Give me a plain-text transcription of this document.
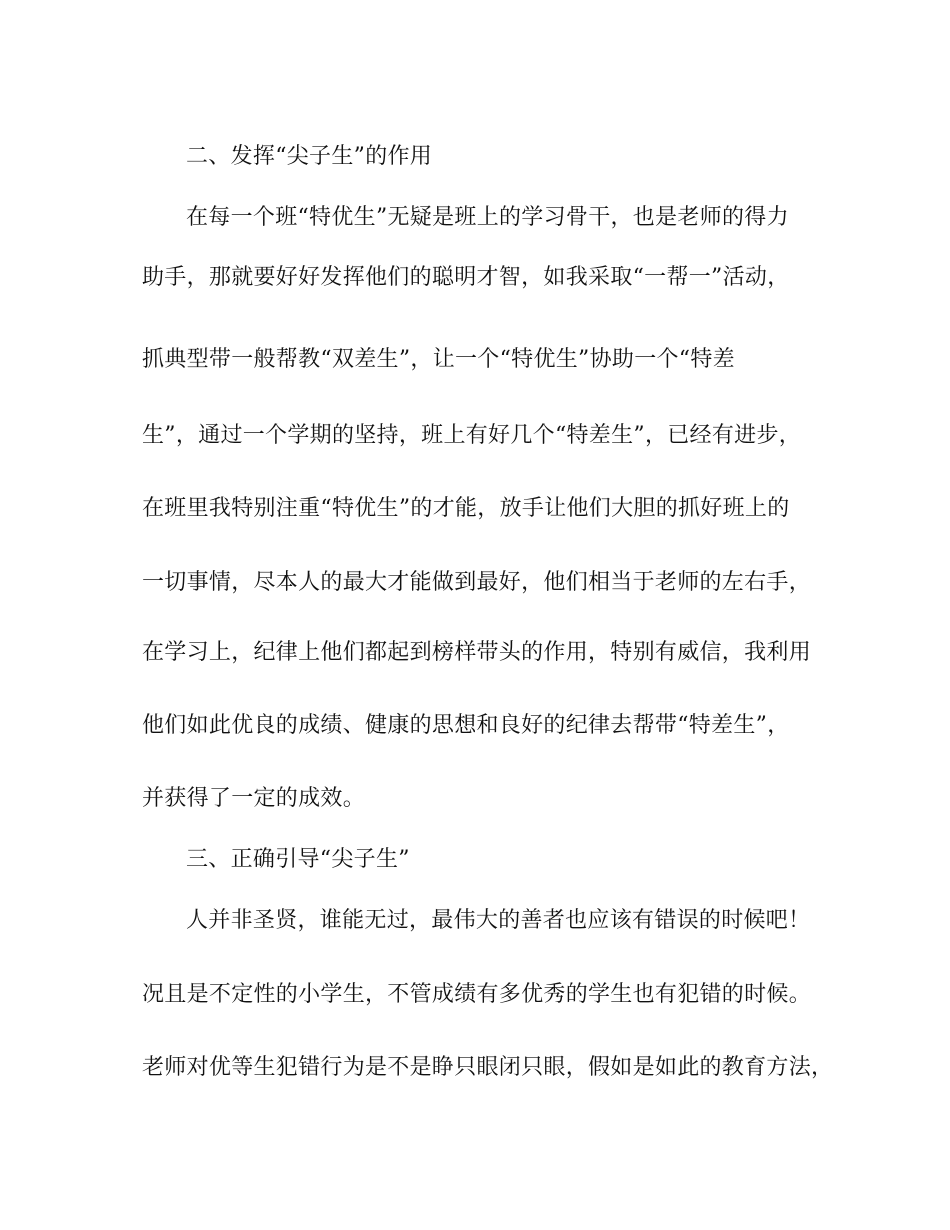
二、发挥“尖子生”的作用
在每一个班“特优生”无疑是班上的学习骨干，也是老师的得力
助手，那就要好好发挥他们的聪明才智，如我采取“一帮一”活动，
抓典型带一般帮教“双差生”，让一个“特优生”协助一个“特差
生”，通过一个学期的坚持，班上有好几个“特差生”，已经有进步，
在班里我特别注重“特优生”的才能，放手让他们大胆的抓好班上的
一切事情，尽本人的最大才能做到最好，他们相当于老师的左右手，
在学习上，纪律上他们都起到榜样带头的作用，特别有威信，我利用
他们如此优良的成绩、健康的思想和良好的纪律去帮带“特差生”，
并获得了一定的成效。
三、正确引导“尖子生”
人并非圣贤，谁能无过，最伟大的善者也应该有错误的时候吧！
况且是不定性的小学生，不管成绩有多优秀的学生也有犯错的时候。
老师对优等生犯错行为是不是睁只眼闭只眼，假如是如此的教育方法，
